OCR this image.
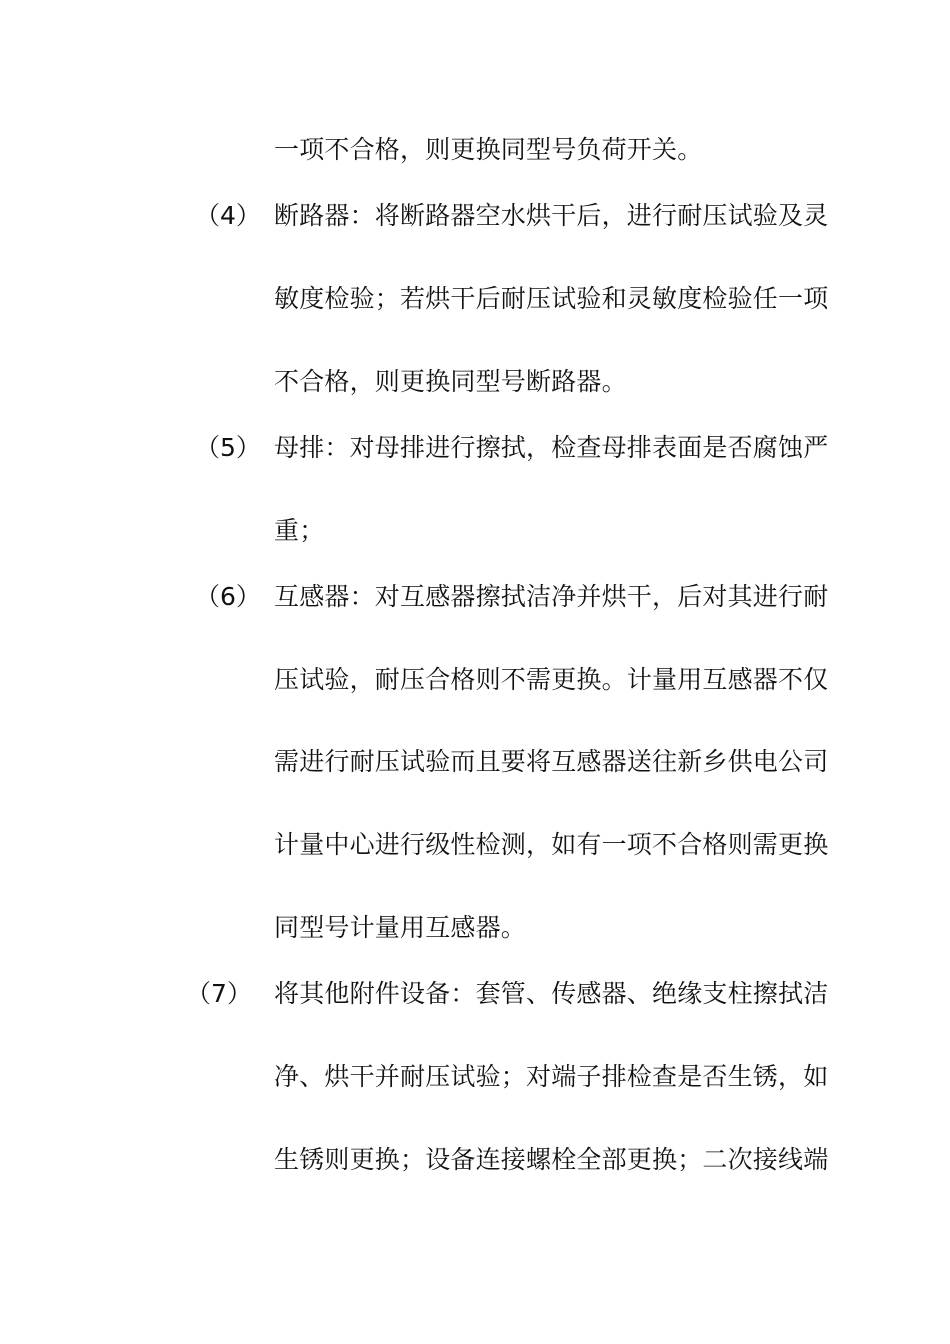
一项不合格，则更换同型号负荷开关。
（4） 断路器：将断路器空水烘干后，进行耐压试验及灵
敏度检验；若烘干后耐压试验和灵敏度检验任一项
不合格，则更换同型号断路器。
（5） 母排：对母排进行擦拭，检查母排表面是否腐蚀严
重；
（6） 互感器：对互感器擦拭洁净并烘干，后对其进行耐
压试验，耐压合格则不需更换。计量用互感器不仅
需进行耐压试验而且要将互感器送往新乡供电公司
计量中心进行级性检测，如有一项不合格则需更换
同型号计量用互感器。
（7） 将其他附件设备：套管、传感器、绝缘支柱擦拭洁
净、烘干并耐压试验；对端子排检查是否生锈，如
生锈则更换；设备连接螺栓全部更换；二次接线端
